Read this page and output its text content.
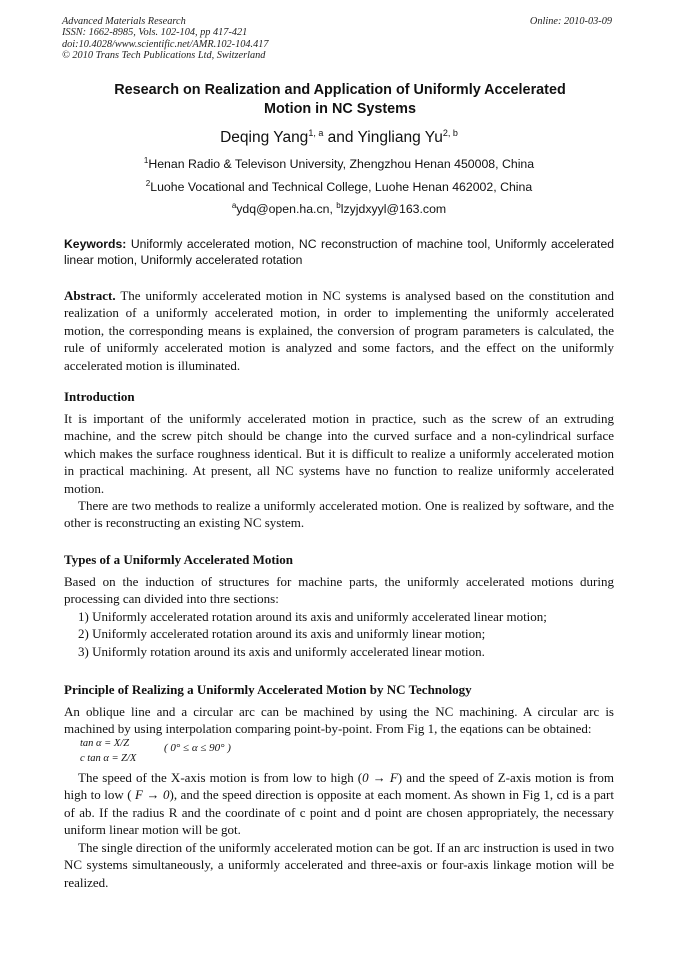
Advanced Materials Research
ISSN: 1662-8985, Vols. 102-104, pp 417-421
doi:10.4028/www.scientific.net/AMR.102-104.417
© 2010 Trans Tech Publications Ltd, Switzerland
Online: 2010-03-09
Research on Realization and Application of Uniformly Accelerated
Motion in NC Systems
Deqing Yang$^{1, a}$ and Yingliang Yu$^{2, b}$
$^1$Henan Radio & Televison University, Zhengzhou Henan 450008, China
$^2$Luohe Vocational and Technical College, Luohe Henan 462002, China
$^a$ydq@open.ha.cn, $^b$lzyjdxyyl@163.com
Keywords: Uniformly accelerated motion, NC reconstruction of machine tool, Uniformly accelerated linear motion, Uniformly accelerated rotation
Abstract. The uniformly accelerated motion in NC systems is analysed based on the constitution and realization of a uniformly accelerated motion, in order to implementing the uniformly accelerated motion, the corresponding means is explained, the conversion of program parameters is calculated, the rule of uniformly accelerated motion is analyzed and some factors, and the effect on the uniformly accelerated motion is illuminated.
Introduction
It is important of the uniformly accelerated motion in practice, such as the screw of an extruding machine, and the screw pitch should be change into the curved surface and a non-cylindrical surface which makes the surface roughness identical. But it is difficult to realize a uniformly accelerated motion in practical machining. At present, all NC systems have no function to realize uniformly accelerated motion.
There are two methods to realize a uniformly accelerated motion. One is realized by software, and the other is reconstructing an existing NC system.
Types of a Uniformly Accelerated Motion
Based on the induction of structures for machine parts, the uniformly accelerated motions during processing can divided into thre sections:
1) Uniformly accelerated rotation around its axis and uniformly accelerated linear motion;
2) Uniformly accelerated rotation around its axis and uniformly linear motion;
3) Uniformly rotation around its axis and uniformly accelerated linear motion.
Principle of Realizing a Uniformly Accelerated Motion by NC Technology
An oblique line and a circular arc can be machined by using the NC machining. A circular arc is machined by using interpolation comparing point-by-point. From Fig 1, the eqations can be obtained:
tan α = X/Z
c tan α = Z/X
( 0° ≤ α ≤ 90° )
The speed of the X-axis motion is from low to high (0 → F) and the speed of Z-axis motion is from high to low ( F → 0), and the speed direction is opposite at each moment. As shown in Fig 1, cd is a part of ab. If the radius R and the coordinate of c point and d point are chosen appropriately, the necessary uniform linear motion will be got.
The single direction of the uniformly accelerated motion can be got. If an arc instruction is used in two NC systems simultaneously, a uniformly accelerated and three-axis or four-axis linkage motion will be realized.
